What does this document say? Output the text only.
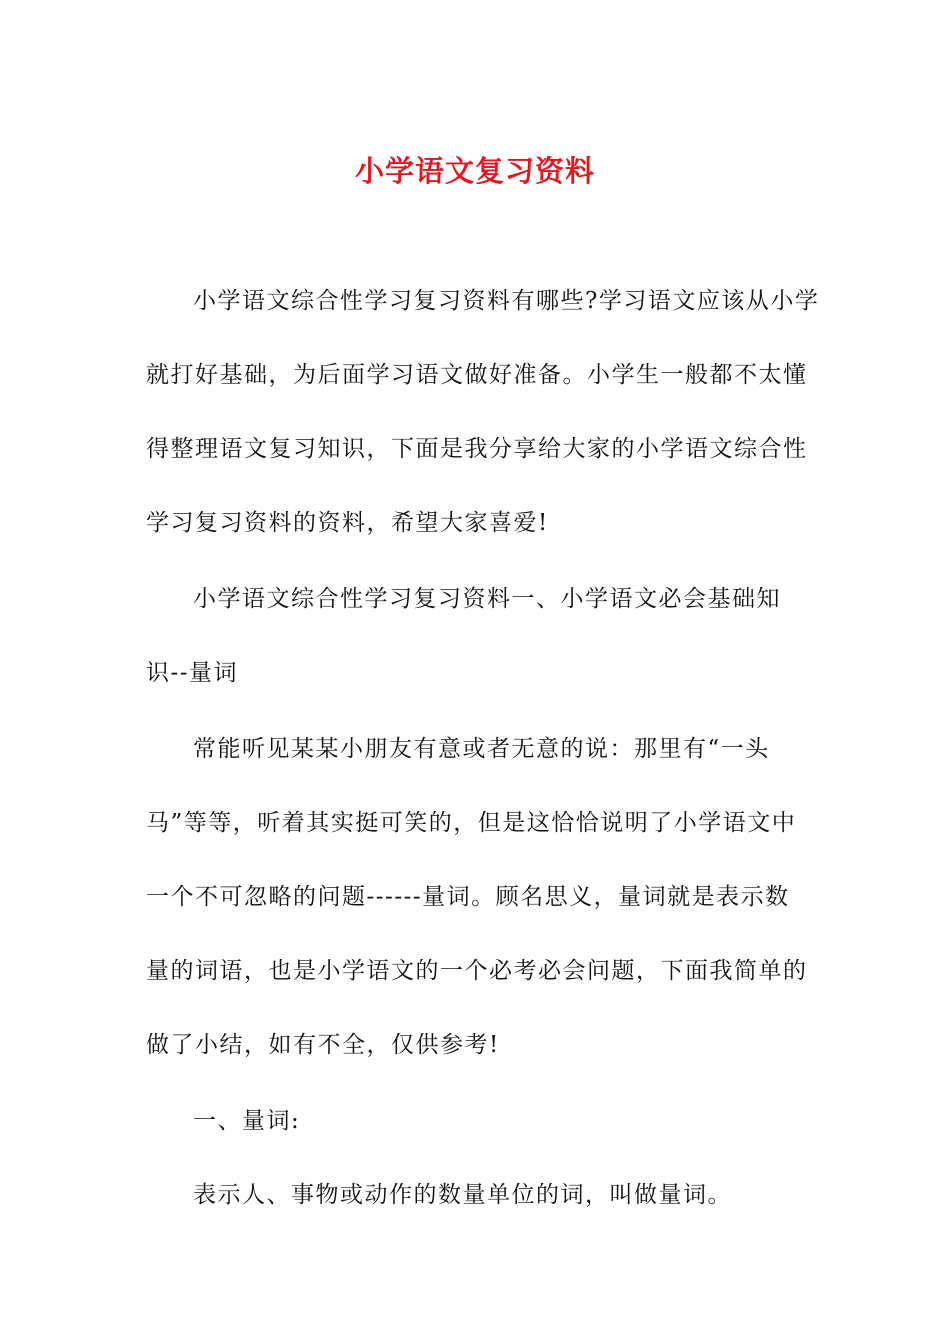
小学语文复习资料
小学语文综合性学习复习资料有哪些?学习语文应该从小学
就打好基础，为后面学习语文做好准备。小学生一般都不太懂
得整理语文复习知识，下面是我分享给大家的小学语文综合性
学习复习资料的资料，希望大家喜爱!
小学语文综合性学习复习资料一、小学语文必会基础知
识--量词
常能听见某某小朋友有意或者无意的说：那里有“一头
马”等等，听着其实挺可笑的，但是这恰恰说明了小学语文中
一个不可忽略的问题------量词。顾名思义，量词就是表示数
量的词语，也是小学语文的一个必考必会问题，下面我简单的
做了小结，如有不全，仅供参考!
一、量词:
表示人、事物或动作的数量单位的词，叫做量词。
